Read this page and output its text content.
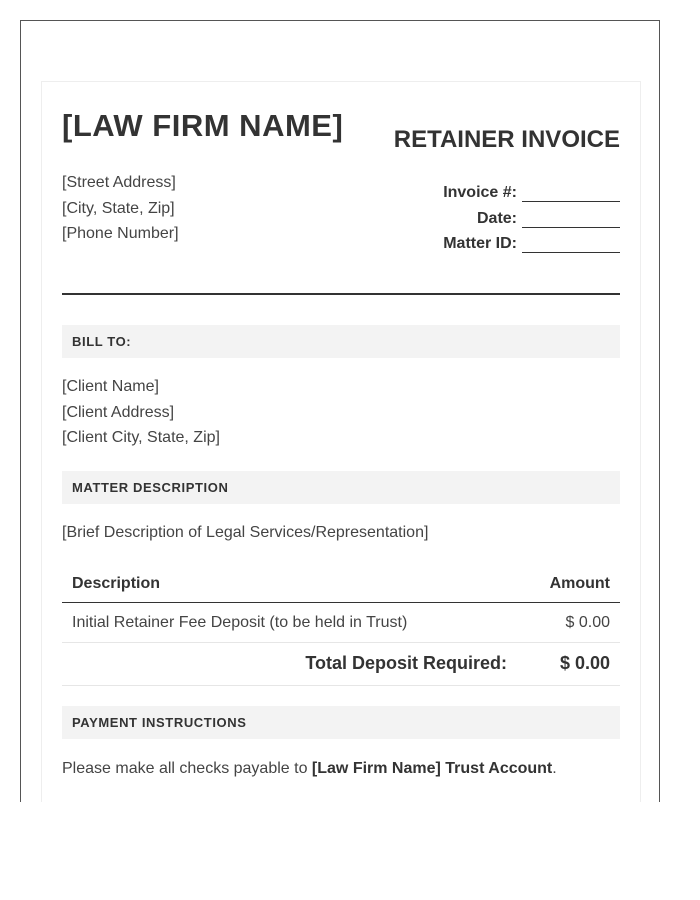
[LAW FIRM NAME] RETAINER INVOICE
[Street Address]
[City, State, Zip]
[Phone Number]
Invoice #:
Date:
Matter ID:
BILL TO:
[Client Name]
[Client Address]
[Client City, State, Zip]
MATTER DESCRIPTION
[Brief Description of Legal Services/Representation]
Description	Amount
Initial Retainer Fee Deposit (to be held in Trust)	$ 0.00
Total Deposit Required:	$ 0.00
PAYMENT INSTRUCTIONS
Please make all checks payable to [Law Firm Name] Trust Account.
